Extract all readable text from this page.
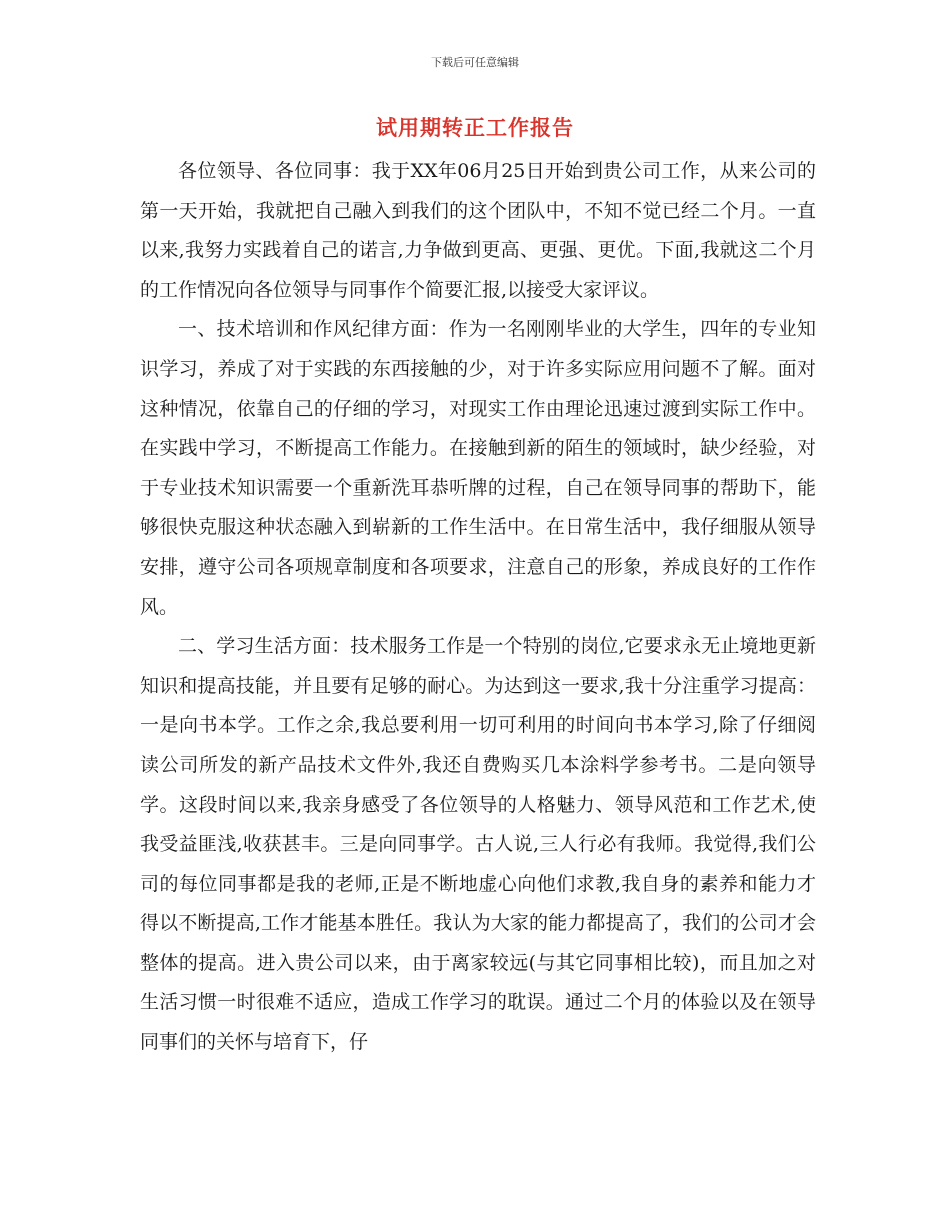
下载后可任意编辑
试用期转正工作报告

各位领导、各位同事：我于XX年06月25日开始到贵公司工作，从来公司的第一天开始，我就把自己融入到我们的这个团队中，不知不觉已经二个月。一直以来,我努力实践着自己的诺言,力争做到更高、更强、更优。下面,我就这二个月的工作情况向各位领导与同事作个简要汇报,以接受大家评议。

一、技术培训和作风纪律方面：作为一名刚刚毕业的大学生，四年的专业知识学习，养成了对于实践的东西接触的少，对于许多实际应用问题不了解。面对这种情况，依靠自己的仔细的学习，对现实工作由理论迅速过渡到实际工作中。在实践中学习，不断提高工作能力。在接触到新的陌生的领域时，缺少经验，对于专业技术知识需要一个重新洗耳恭听牌的过程，自己在领导同事的帮助下，能够很快克服这种状态融入到崭新的工作生活中。在日常生活中，我仔细服从领导安排，遵守公司各项规章制度和各项要求，注意自己的形象，养成良好的工作作风。

二、学习生活方面：技术服务工作是一个特别的岗位,它要求永无止境地更新知识和提高技能，并且要有足够的耐心。为达到这一要求,我十分注重学习提高：一是向书本学。工作之余,我总要利用一切可利用的时间向书本学习,除了仔细阅读公司所发的新产品技术文件外,我还自费购买几本涂料学参考书。二是向领导学。这段时间以来,我亲身感受了各位领导的人格魅力、领导风范和工作艺术,使我受益匪浅,收获甚丰。三是向同事学。古人说,三人行必有我师。我觉得,我们公司的每位同事都是我的老师,正是不断地虚心向他们求教,我自身的素养和能力才得以不断提高,工作才能基本胜任。我认为大家的能力都提高了，我们的公司才会整体的提高。进入贵公司以来，由于离家较远(与其它同事相比较)，而且加之对生活习惯一时很难不适应，造成工作学习的耽误。通过二个月的体验以及在领导同事们的关怀与培育下，仔
